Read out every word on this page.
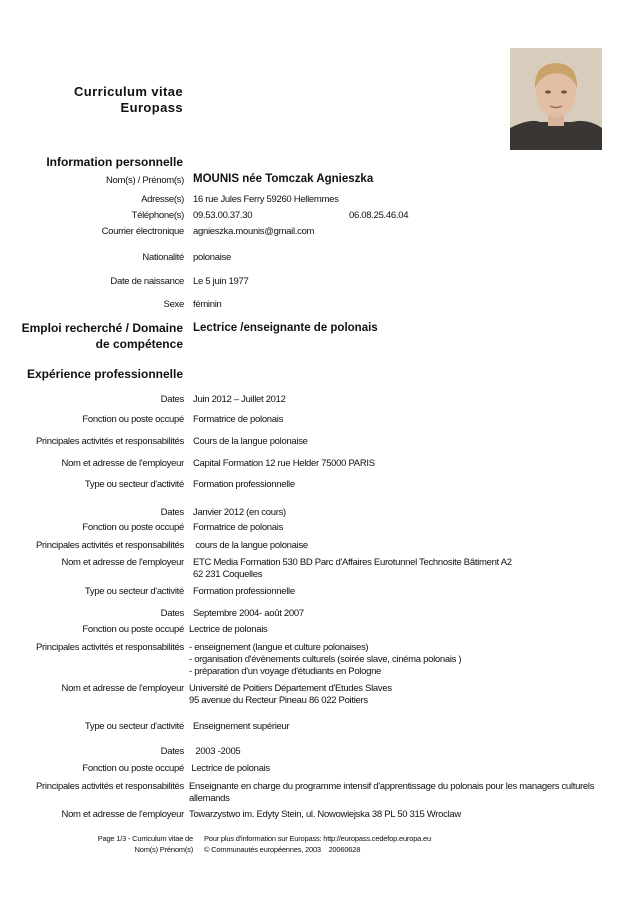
Curriculum vitae
Europass
Information personnelle
Nom(s) / Prénom(s) MOUNIS née Tomczak Agnieszka
Adresse(s) 16 rue Jules Ferry 59260 Hellemmes
Téléphone(s) 09.53.00.37.30	06.08.25.46.04
Courrier électronique agnieszka.mounis@gmail.com
Nationalité polonaise
Date de naissance Le 5 juin 1977
Sexe féminin
Emploi recherché / Domaine
de compétence
Lectrice /enseignante de polonais
Expérience professionnelle
Dates Juin 2012 – Juillet 2012
Fonction ou poste occupé Formatrice de polonais
Principales activités et responsabilités Cours de la langue polonaise
Nom et adresse de l'employeur Capital Formation 12 rue Helder 75000 PARIS
Type ou secteur d'activité Formation professionnelle
Dates Janvier 2012 (en cours)
Fonction ou poste occupé Formatrice de polonais
Principales activités et responsabilités cours de la langue polonaise
Nom et adresse de l'employeur ETC Media Formation 530 BD Parc d'Affaires Eurotunnel Technosite Bâtiment A2
62 231 Coquelles
Type ou secteur d'activité Formation professionnelle
Dates Septembre 2004- août 2007
Fonction ou poste occupé Lectrice de polonais
Principales activités et responsabilités - enseignement (langue et culture polonaises)
- organisation d'évènements culturels (soirée slave, cinéma polonais )
- préparation d'un voyage d'étudiants en Pologne
Nom et adresse de l'employeur Université de Poitiers Département d'Etudes Slaves
95 avenue du Recteur Pineau 86 022 Poitiers
Type ou secteur d'activité Enseignement supérieur
Dates 2003 -2005
Fonction ou poste occupé Lectrice de polonais
Principales activités et responsabilités Enseignante en charge du programme intensif d'apprentissage du polonais pour les managers culturels
allemands
Nom et adresse de l'employeur Towarzystwo im. Edyty Stein, ul. Nowowiejska 38 PL 50 315 Wroclaw
Page 1/3 - Curriculum vitae de
Nom(s) Prénom(s)
Pour plus d'information sur Europass: http://europass.cedefop.europa.eu
© Communautés européennes, 2003    20060628
